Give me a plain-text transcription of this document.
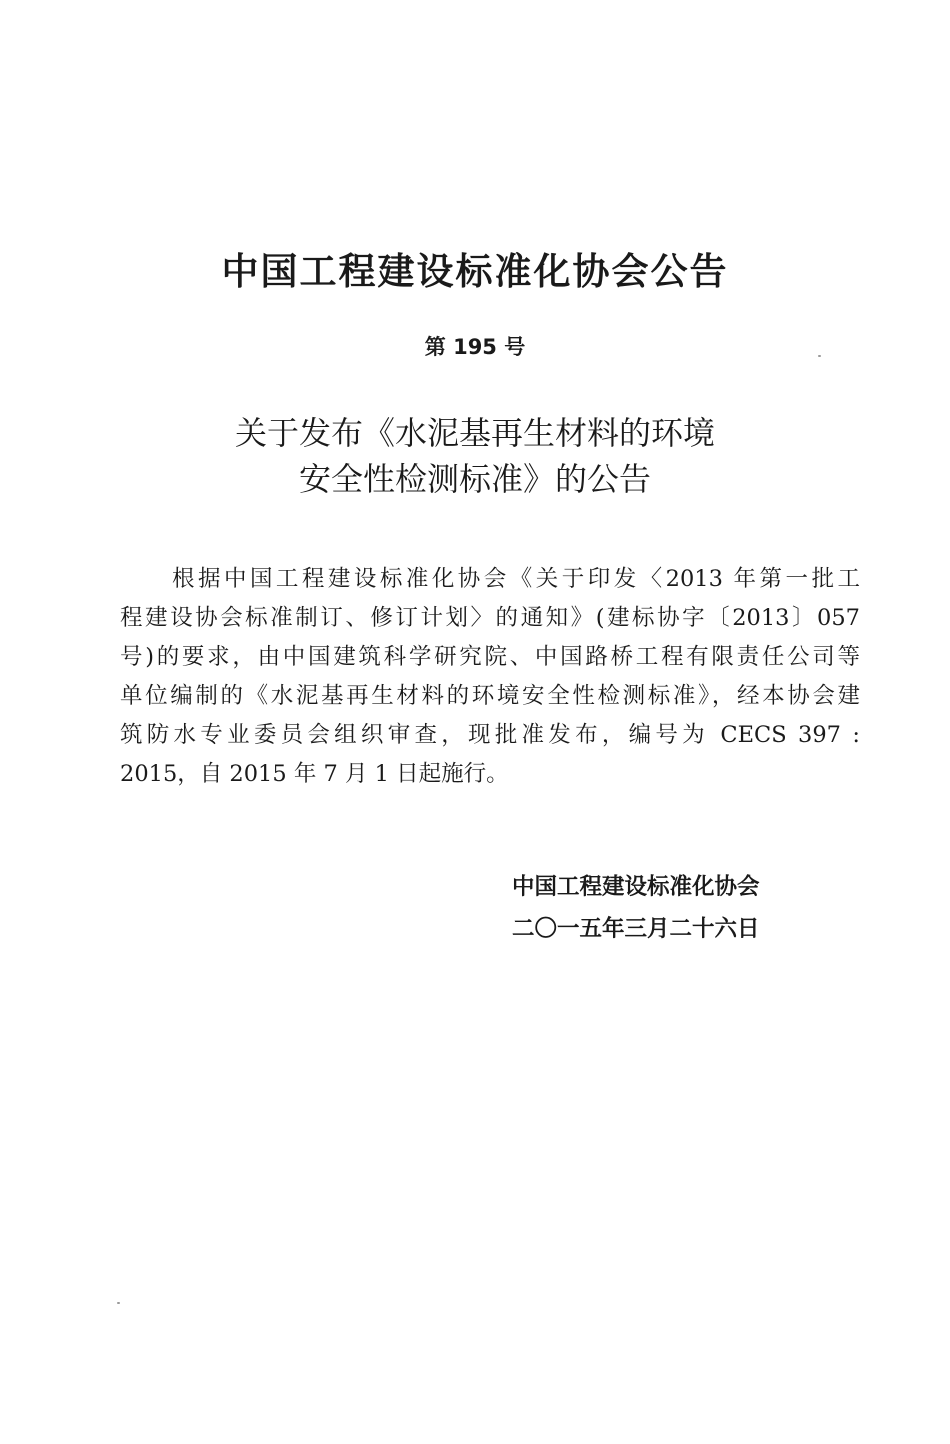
中国工程建设标准化协会公告
第 195 号
关于发布《水泥基再生材料的环境
安全性检测标准》的公告
根据中国工程建设标准化协会《关于印发〈2013 年第一批工
程建设协会标准制订、修订计划〉的通知》(建标协字〔2013〕057
号)的要求，由中国建筑科学研究院、中国路桥工程有限责任公司等
单位编制的《水泥基再生材料的环境安全性检测标准》，经本协会建
筑防水专业委员会组织审查，现批准发布，编号为 CECS 397 :
2015，自 2015 年 7 月 1 日起施行。
中国工程建设标准化协会
二〇一五年三月二十六日
